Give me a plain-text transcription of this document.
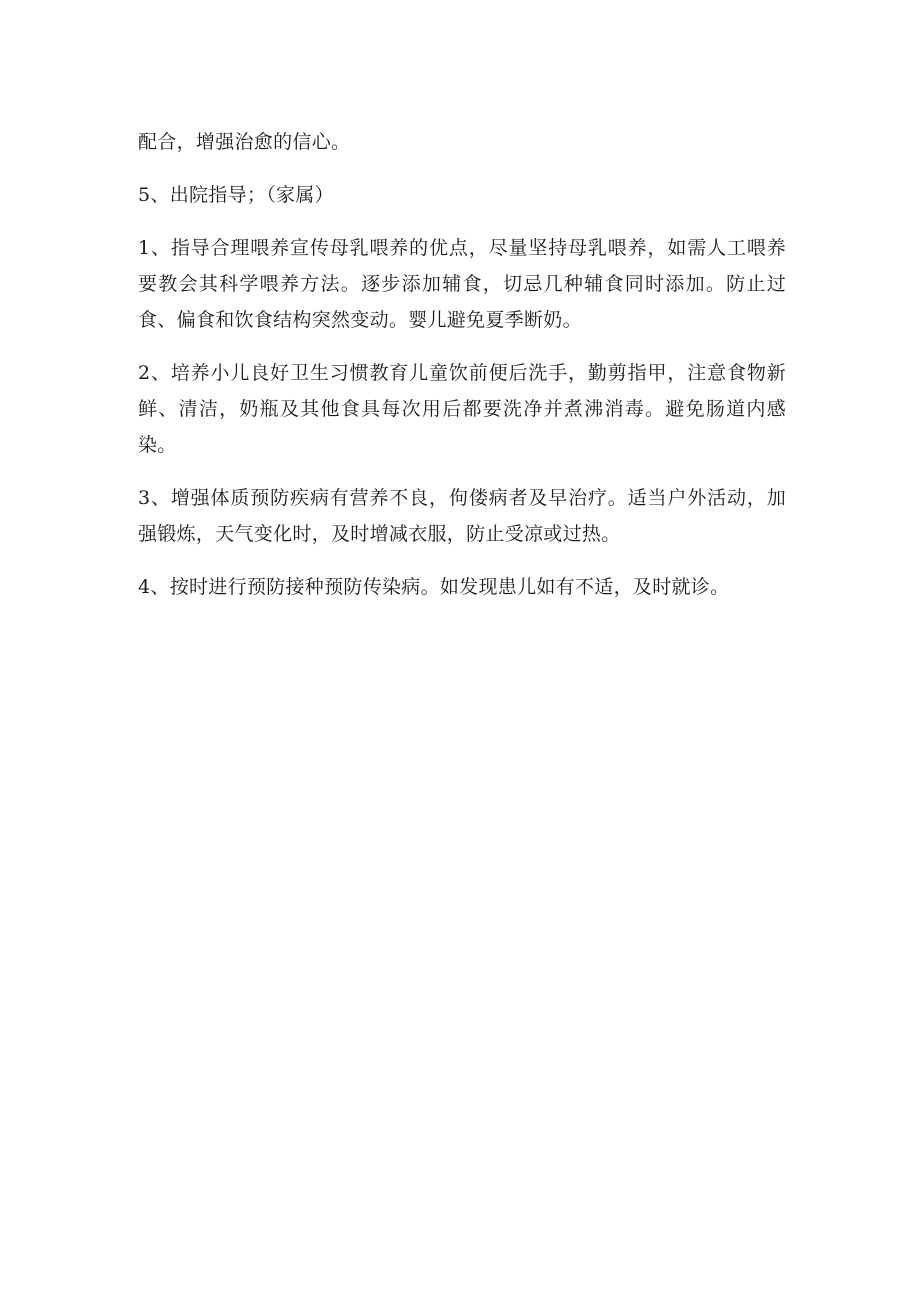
配合，增强治愈的信心。

5、出院指导；（家属）

1、指导合理喂养宣传母乳喂养的优点，尽量坚持母乳喂养，如需人工喂养要教会其科学喂养方法。逐步添加辅食，切忌几种辅食同时添加。防止过食、偏食和饮食结构突然变动。婴儿避免夏季断奶。

2、培养小儿良好卫生习惯教育儿童饮前便后洗手，勤剪指甲，注意食物新鲜、清洁，奶瓶及其他食具每次用后都要洗净并煮沸消毒。避免肠道内感染。

3、增强体质预防疾病有营养不良，佝偻病者及早治疗。适当户外活动，加强锻炼，天气变化时，及时增减衣服，防止受凉或过热。

4、按时进行预防接种预防传染病。如发现患儿如有不适，及时就诊。
